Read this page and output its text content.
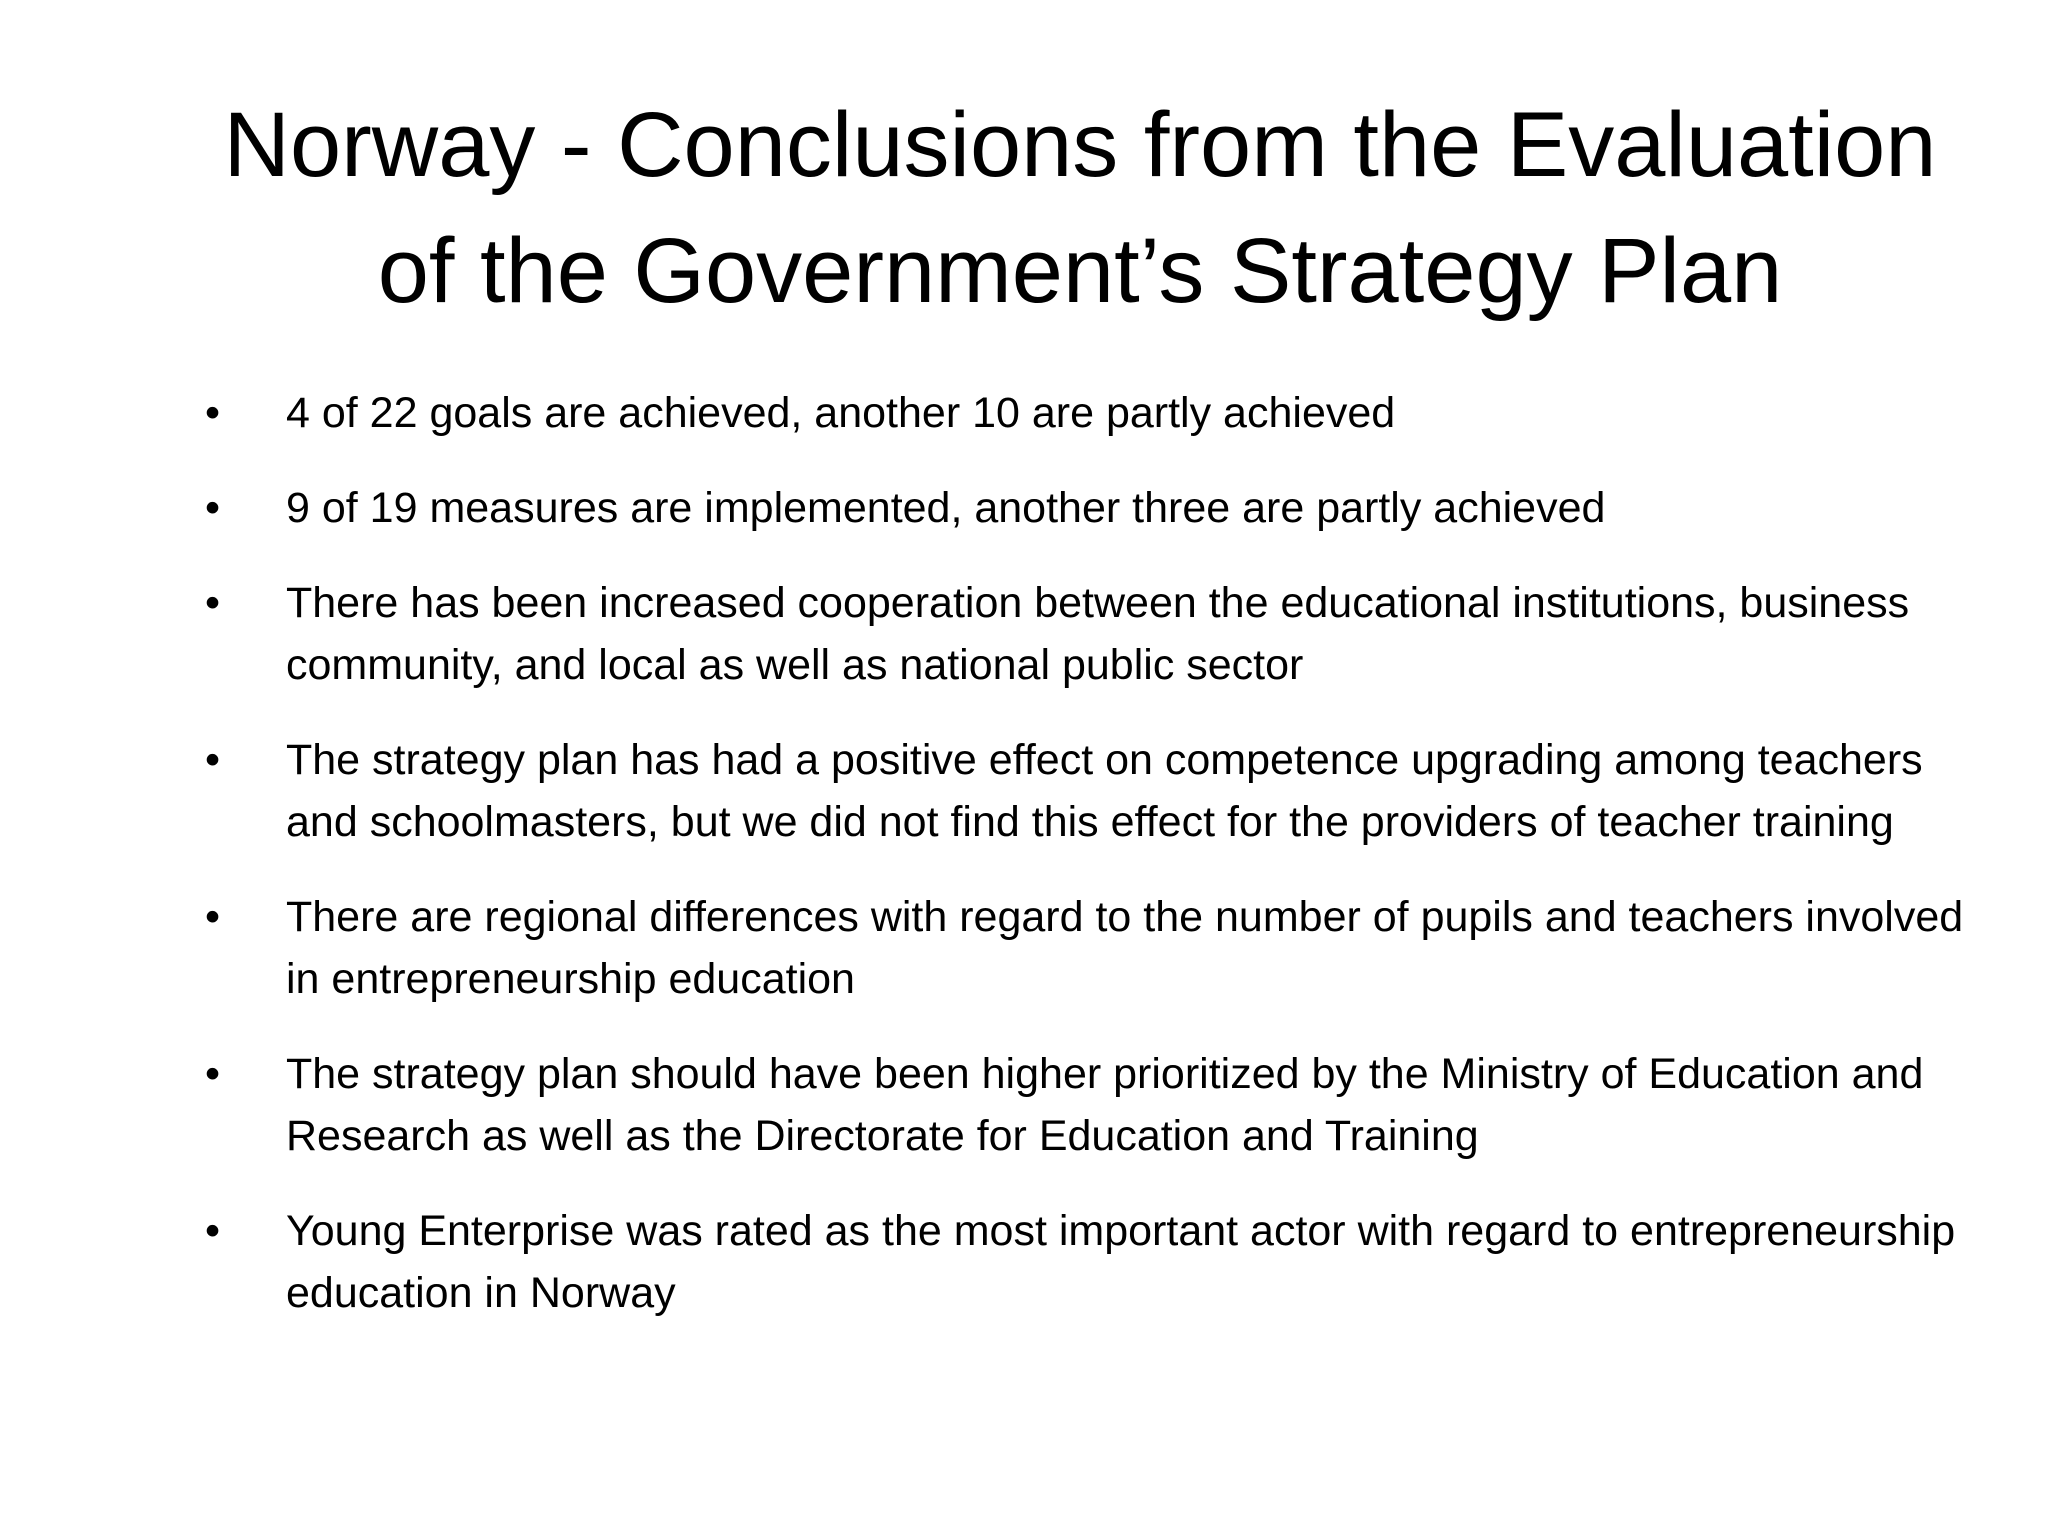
Norway - Conclusions from the Evaluation
of the Government’s Strategy Plan
•	4 of 22 goals are achieved, another 10 are partly achieved
•	9 of 19 measures are implemented, another three are partly achieved
•	There has been increased cooperation between the educational institutions, business community, and local as well as national public sector
•	The strategy plan has had a positive effect on competence upgrading among teachers and schoolmasters, but we did not find this effect for the providers of teacher training
•	There are regional differences with regard to the number of pupils and teachers involved in entrepreneurship education
•	The strategy plan should have been higher prioritized by the Ministry of Education and Research as well as the Directorate for Education and Training
•	Young Enterprise was rated as the most important actor with regard to entrepreneurship education in Norway
